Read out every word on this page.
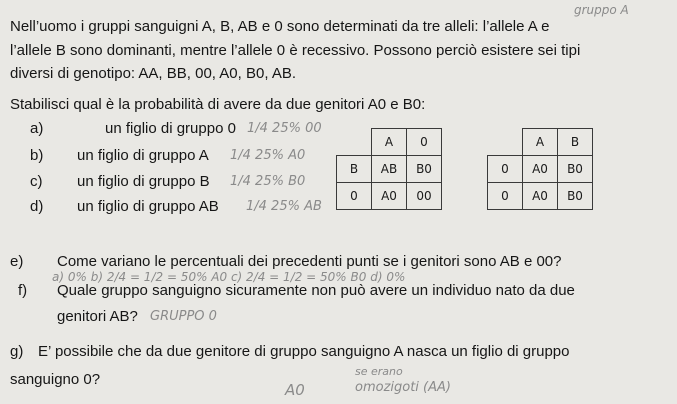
Nell’uomo i gruppi sanguigni A, B, AB e 0 sono determinati da tre alleli: l’allele A e
l’allele B sono dominanti, mentre l’allele 0 è recessivo. Possono perciò esistere sei tipi
diversi di genotipo: AA, BB, 00, A0, B0, AB.
Stabilisci qual è la probabilità di avere da due genitori A0 e B0:
gruppo A
a)	un figlio di gruppo 0 1/4 25% 00
b) un figlio di gruppo A 1/4 25% A0
c) un figlio di gruppo B 1/4 25% B0
d) un figlio di gruppo AB 1/4 25% AB
	A	0
B	AB	B0
0	A0	00
	A	B
0	A0	B0
0	A0	B0
e) Come variano le percentuali dei precedenti punti se i genitori sono AB e 00?
a) 0% b) 2/4 = 1/2 = 50% A0 c) 2/4 = 1/2 = 50% B0 d) 0%
f) Quale gruppo sanguigno sicuramente non può avere un individuo nato da due
genitori AB? GRUPPO 0
g) E’ possibile che da due genitore di gruppo sanguigno A nasca un figlio di gruppo
sanguigno 0?	se erano
A0	omozigoti (AA)
